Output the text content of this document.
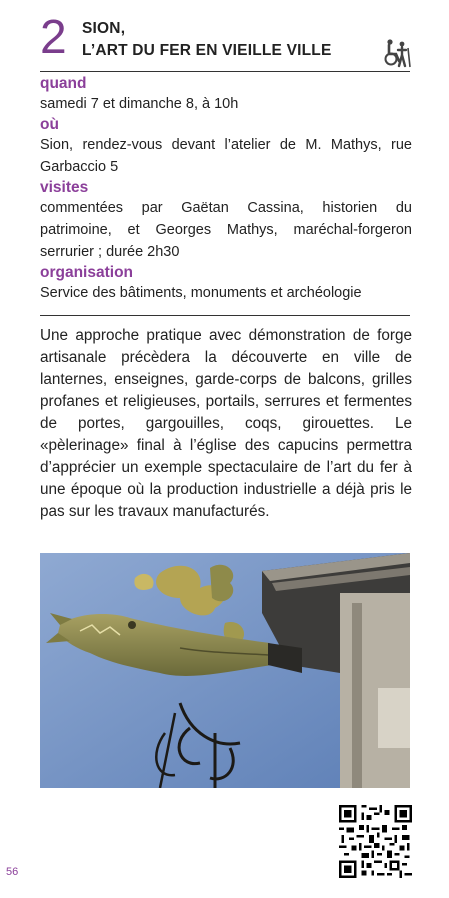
2 SION,
L’ART DU FER EN VIEILLE VILLE
quand
samedi 7 et dimanche 8, à 10h
où
Sion, rendez-vous devant l’atelier de M. Mathys, rue Garbaccio 5
visites
commentées par Gaëtan Cassina, historien du patrimoine, et Georges Mathys, maréchal-forgeron serrurier ; durée 2h30
organisation
Service des bâtiments, monuments et archéologie
Une approche pratique avec démonstration de forge artisanale précèdera la découverte en ville de lanternes, enseignes, garde-corps de balcons, grilles profanes et religieuses, portails, serrures et fermentes de portes, gargouilles, coqs, girouettes. Le «pèlerinage» final à l’église des capucins permettra d’apprécier un exemple spectaculaire de l’art du fer à une époque où la production industrielle a déjà pris le pas sur les travaux manufacturés.
56
